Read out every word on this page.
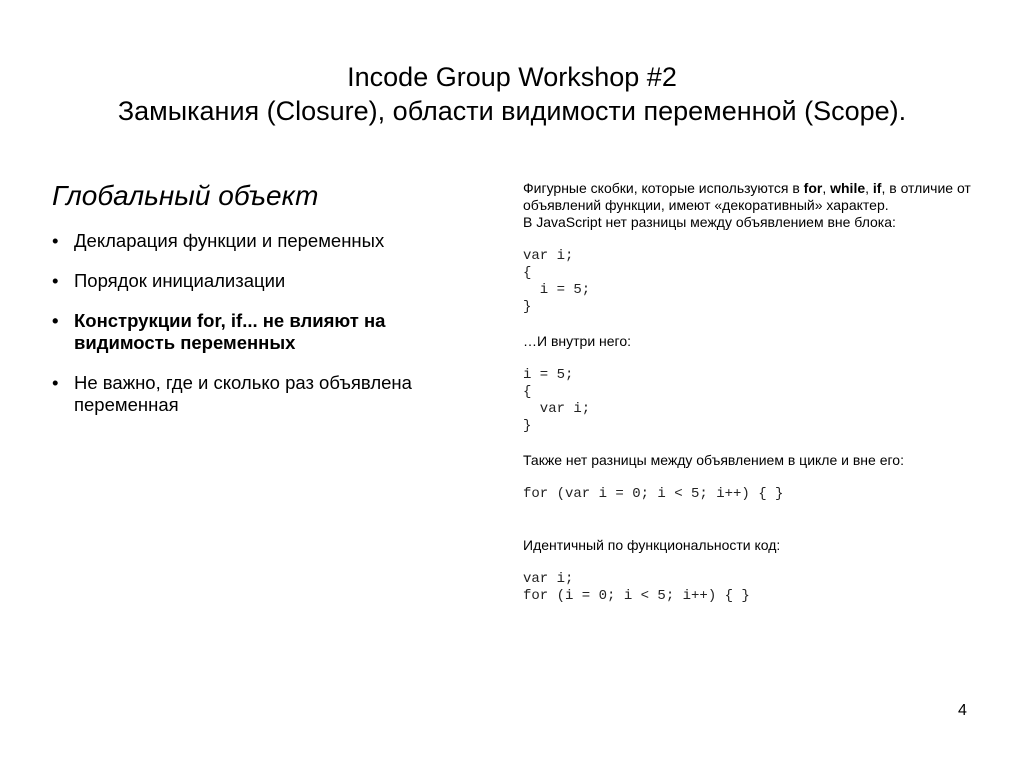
Incode Group Workshop #2
Замыкания (Closure), области видимости переменной (Scope).
Глобальный объект
• Декларация функции и переменных
• Порядок инициализации
• Конструкции for, if... не влияют на видимость переменных
• Не важно, где и сколько раз объявлена переменная

Фигурные скобки, которые используются в for, while, if, в отличие от объявлений функции, имеют «декоративный» характер.

В JavaScript нет разницы между объявлением вне блока:

var i;
{
i = 5;
}

…И внутри него:

i = 5;
{
var i;
}

Также нет разницы между объявлением в цикле и вне его:

for (var i = 0; i < 5; i++) { }

Идентичный по функциональности код:

var i;
for (i = 0; i < 5; i++) { }
4
